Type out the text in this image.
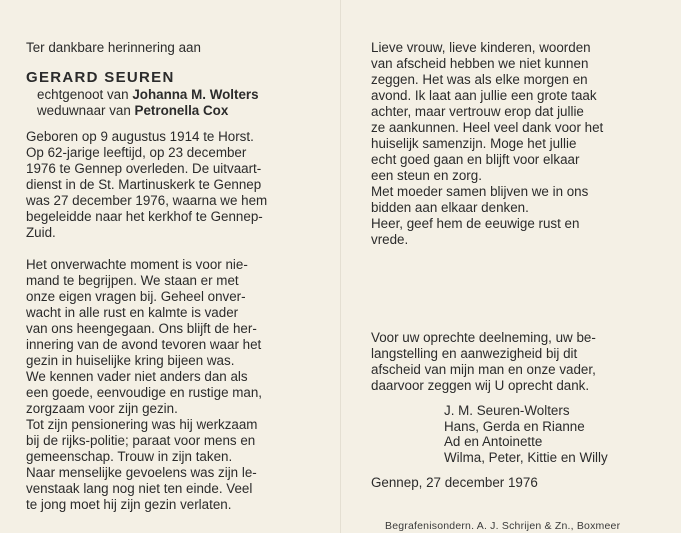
Ter dankbare herinnering aan

GERARD SEUREN

echtgenoot van Johanna M. Wolters

weduwnaar van Petronella Cox

Geboren op 9 augustus 1914 te Horst.
Op 62-jarige leeftijd, op 23 december
1976 te Gennep overleden. De uitvaart-
dienst in de St. Martinuskerk te Gennep
was 27 december 1976, waarna we hem
begeleidde naar het kerkhof te Gennep-
Zuid.
Het onverwachte moment is voor nie-
mand te begrijpen. We staan er met
onze eigen vragen bij. Geheel onver-
wacht in alle rust en kalmte is vader
van ons heengegaan. Ons blijft de her-
innering van de avond tevoren waar het
gezin in huiselijke kring bijeen was.
We kennen vader niet anders dan als
een goede, eenvoudige en rustige man,
zorgzaam voor zijn gezin.
Tot zijn pensionering was hij werkzaam
bij de rijks-politie; paraat voor mens en
gemeenschap. Trouw in zijn taken.
Naar menselijke gevoelens was zijn le-
venstaak lang nog niet ten einde. Veel
te jong moet hij zijn gezin verlaten.
Lieve vrouw, lieve kinderen, woorden
van afscheid hebben we niet kunnen
zeggen. Het was als elke morgen en
avond. Ik laat aan jullie een grote taak
achter, maar vertrouw erop dat jullie
ze aankunnen. Heel veel dank voor het
huiselijk samenzijn. Moge het jullie
echt goed gaan en blijft voor elkaar
een steun en zorg.
Met moeder samen blijven we in ons
bidden aan elkaar denken.
Heer, geef hem de eeuwige rust en
vrede.
Voor uw oprechte deelneming, uw be-
langstelling en aanwezigheid bij dit
afscheid van mijn man en onze vader,
daarvoor zeggen wij U oprecht dank.
J. M. Seuren-Wolters
Hans, Gerda en Rianne
Ad en Antoinette
Wilma, Peter, Kittie en Willy
Gennep, 27 december 1976
Begrafenisondern. A. J. Schrijen & Zn., Boxmeer
